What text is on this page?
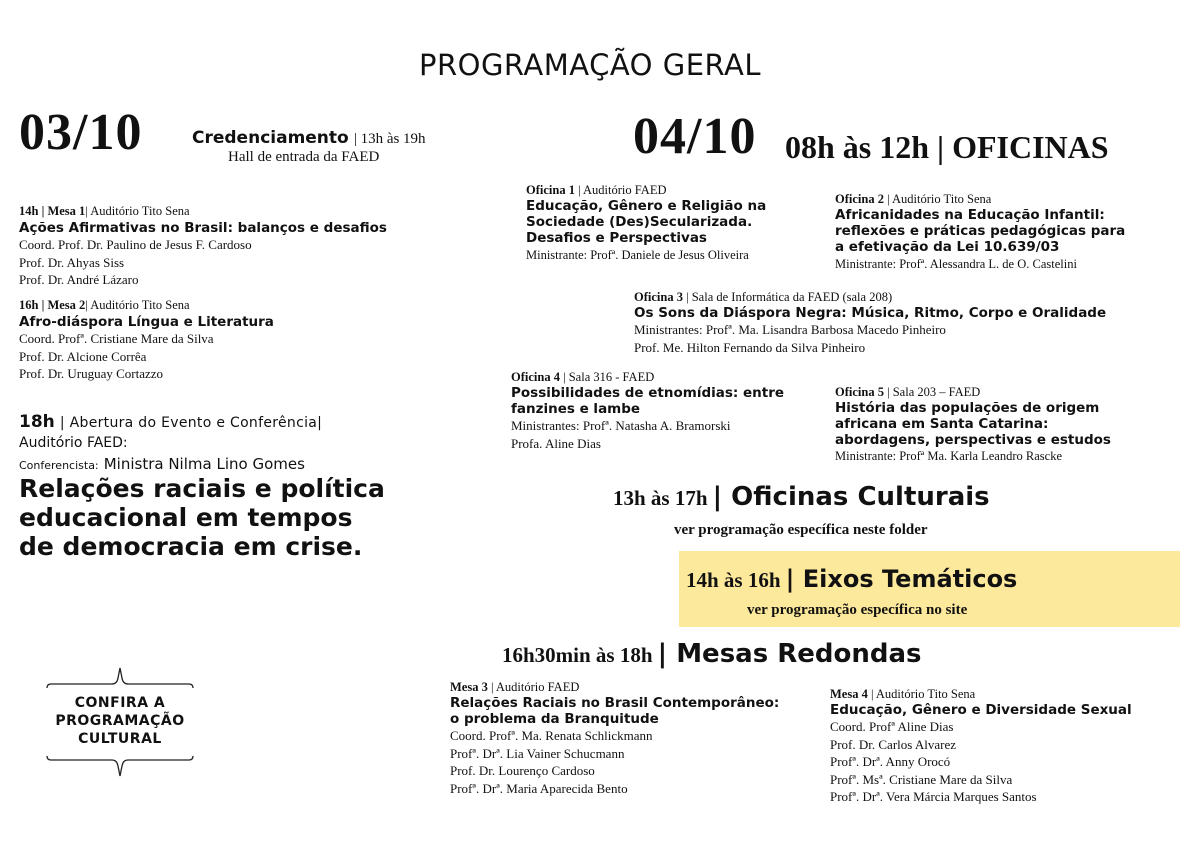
PROGRAMAÇÃO GERAL
03/10	Credenciamento | 13h às 19h
Hall de entrada da FAED
14h | Mesa 1| Auditório Tito Sena
Ações Afirmativas no Brasil: balanços e desafios
Coord. Prof. Dr. Paulino de Jesus F. Cardoso
Prof. Dr. Ahyas Siss
Prof. Dr. André Lázaro
16h | Mesa 2| Auditório Tito Sena
Afro-diáspora Língua e Literatura
Coord. Profª. Cristiane Mare da Silva
Prof. Dr. Alcione Corrêa
Prof. Dr. Uruguay Cortazzo
18h | Abertura do Evento e Conferência|
Auditório FAED:
Conferencista: Ministra Nilma Lino Gomes
Relações raciais e política
educacional em tempos
de democracia em crise.
CONFIRA A
PROGRAMAÇÃO
CULTURAL
04/10 08h às 12h | OFICINAS
Oficina 1 | Auditório FAED
Educação, Gênero e Religião na
Sociedade (Des)Secularizada.
Desafios e Perspectivas
Ministrante: Profª. Daniele de Jesus Oliveira
Oficina 2 | Auditório Tito Sena
Africanidades na Educação Infantil:
reflexões e práticas pedagógicas para
a efetivação da Lei 10.639/03
Ministrante: Profª. Alessandra L. de O. Castelini
Oficina 3 | Sala de Informática da FAED (sala 208)
Os Sons da Diáspora Negra: Música, Ritmo, Corpo e Oralidade
Ministrantes: Profª. Ma. Lisandra Barbosa Macedo Pinheiro
Prof. Me. Hilton Fernando da Silva Pinheiro
Oficina 4 | Sala 316 - FAED
Possibilidades de etnomídias: entre
fanzines e lambe
Ministrantes: Profª. Natasha A. Bramorski
Profa. Aline Dias
Oficina 5 | Sala 203 – FAED
História das populações de origem
africana em Santa Catarina:
abordagens, perspectivas e estudos
Ministrante: Profª Ma. Karla Leandro Rascke
13h às 17h | Oficinas Culturais
ver programação específica neste folder
14h às 16h | Eixos Temáticos
ver programação específica no site
16h30min às 18h | Mesas Redondas
Mesa 3 | Auditório FAED
Relações Raciais no Brasil Contemporâneo:
o problema da Branquitude
Coord. Profª. Ma. Renata Schlickmann
Profª. Drª. Lia Vainer Schucmann
Prof. Dr. Lourenço Cardoso
Profª. Drª. Maria Aparecida Bento
Mesa 4 | Auditório Tito Sena
Educação, Gênero e Diversidade Sexual
Coord. Profª Aline Dias
Prof. Dr. Carlos Alvarez
Profª. Drª. Anny Orocó
Profª. Msª. Cristiane Mare da Silva
Profª. Drª. Vera Márcia Marques Santos
